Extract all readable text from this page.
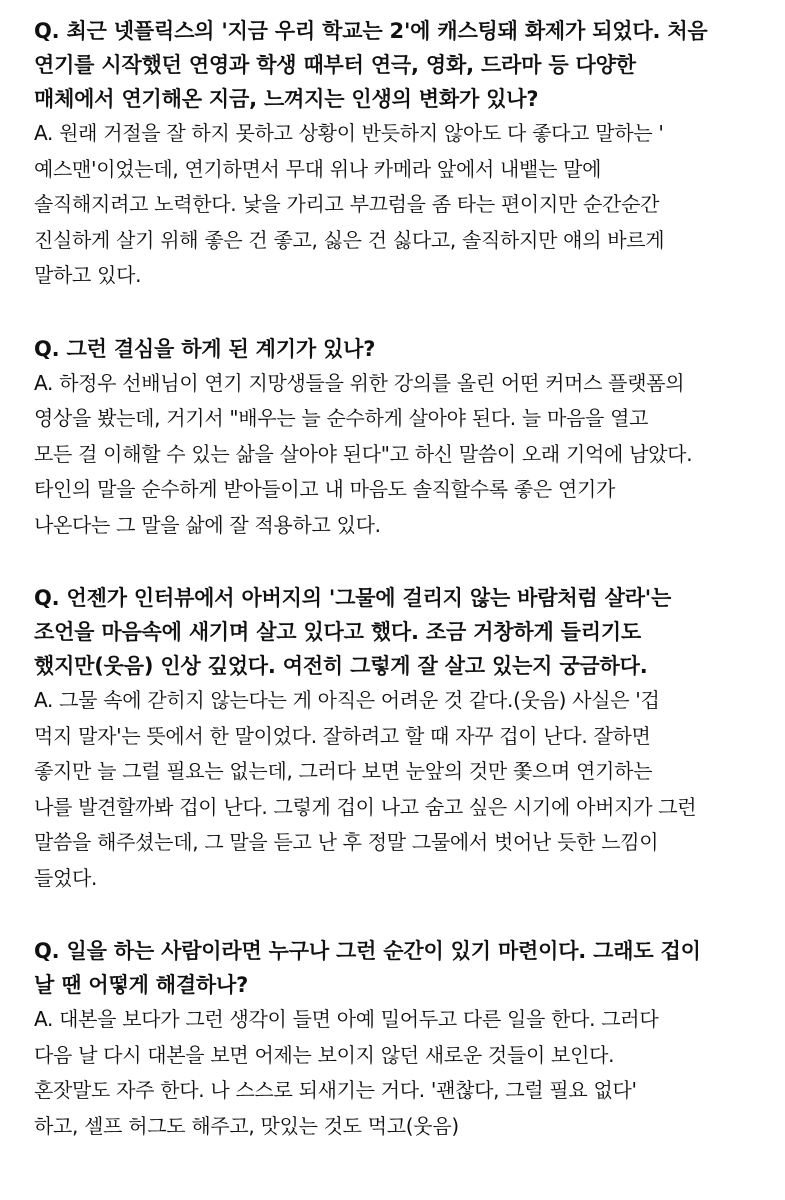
Q. 최근 넷플릭스의 '지금 우리 학교는 2'에 캐스팅돼 화제가 되었다. 처음
연기를 시작했던 연영과 학생 때부터 연극, 영화, 드라마 등 다양한
매체에서 연기해온 지금, 느껴지는 인생의 변화가 있나?

A. 원래 거절을 잘 하지 못하고 상황이 반듯하지 않아도 다 좋다고 말하는 '
예스맨'이었는데, 연기하면서 무대 위나 카메라 앞에서 내뱉는 말에
솔직해지려고 노력한다. 낯을 가리고 부끄럼을 좀 타는 편이지만 순간순간
진실하게 살기 위해 좋은 건 좋고, 싫은 건 싫다고, 솔직하지만 얘의 바르게
말하고 있다.

Q. 그런 결심을 하게 된 계기가 있나?

A. 하정우 선배님이 연기 지망생들을 위한 강의를 올린 어떤 커머스 플랫폼의
영상을 봤는데, 거기서 "배우는 늘 순수하게 살아야 된다. 늘 마음을 열고
모든 걸 이해할 수 있는 삶을 살아야 된다"고 하신 말씀이 오래 기억에 남았다.
타인의 말을 순수하게 받아들이고 내 마음도 솔직할수록 좋은 연기가
나온다는 그 말을 삶에 잘 적용하고 있다.

Q. 언젠가 인터뷰에서 아버지의 '그물에 걸리지 않는 바람처럼 살라'는
조언을 마음속에 새기며 살고 있다고 했다. 조금 거창하게 들리기도
했지만(웃음) 인상 깊었다. 여전히 그렇게 잘 살고 있는지 궁금하다.

A. 그물 속에 갇히지 않는다는 게 아직은 어려운 것 같다.(웃음) 사실은 '겁
먹지 말자'는 뜻에서 한 말이었다. 잘하려고 할 때 자꾸 겁이 난다. 잘하면
좋지만 늘 그럴 필요는 없는데, 그러다 보면 눈앞의 것만 쫓으며 연기하는
나를 발견할까봐 겁이 난다. 그렇게 겁이 나고 숨고 싶은 시기에 아버지가 그런
말씀을 해주셨는데, 그 말을 듣고 난 후 정말 그물에서 벗어난 듯한 느낌이
들었다.

Q. 일을 하는 사람이라면 누구나 그런 순간이 있기 마련이다. 그래도 겁이
날 땐 어떻게 해결하나?

A. 대본을 보다가 그런 생각이 들면 아예 밀어두고 다른 일을 한다. 그러다
다음 날 다시 대본을 보면 어제는 보이지 않던 새로운 것들이 보인다.
혼잣말도 자주 한다. 나 스스로 되새기는 거다. '괜찮다, 그럴 필요 없다'
하고, 셀프 허그도 해주고, 맛있는 것도 먹고(웃음)
